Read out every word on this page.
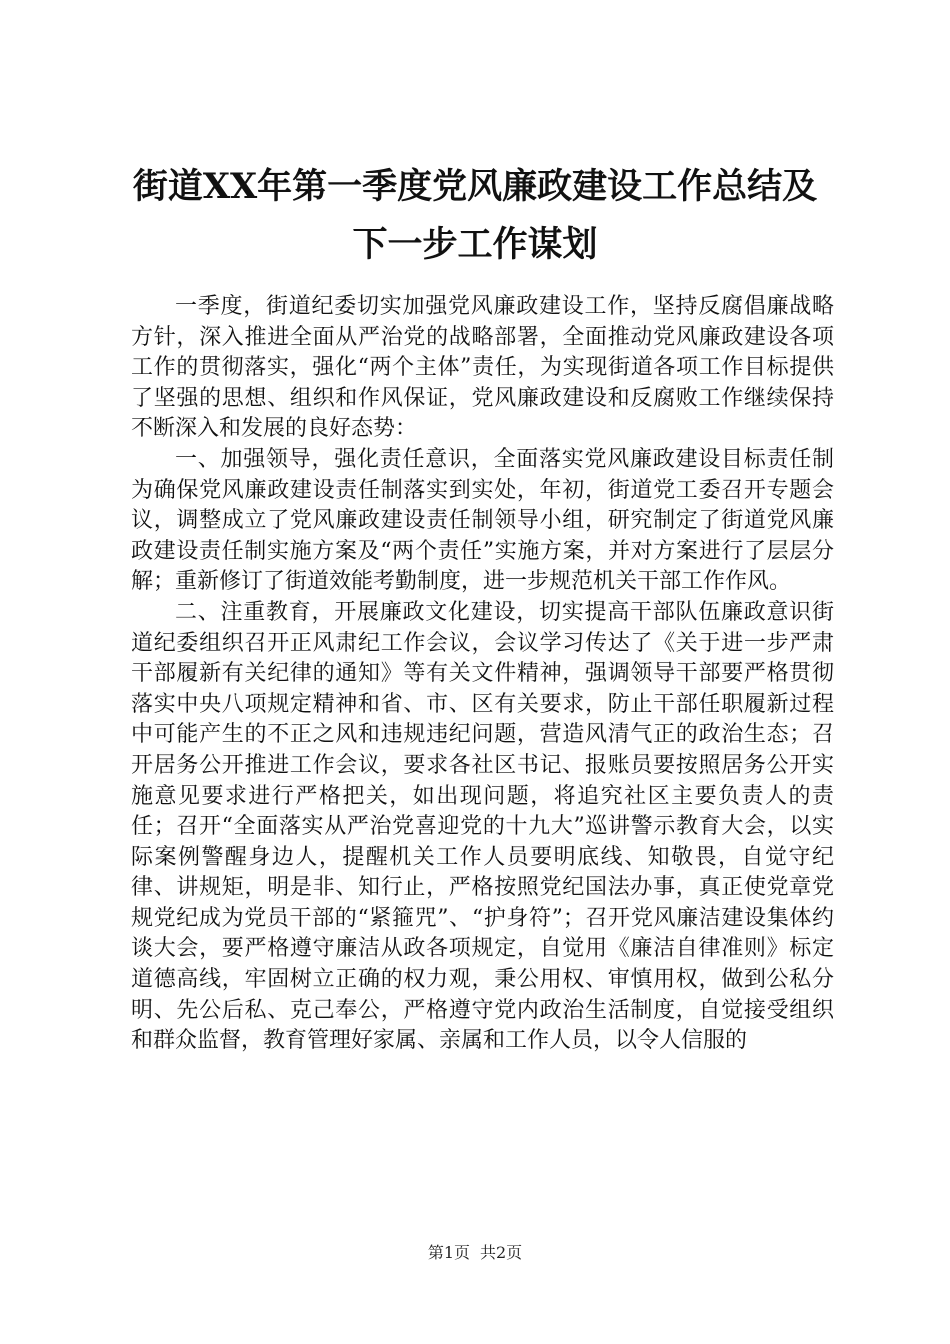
街道XX年第一季度党风廉政建设工作总结及
下一步工作谋划

一季度，街道纪委切实加强党风廉政建设工作，坚持反腐倡廉战略方针，深入推进全面从严治党的战略部署，全面推动党风廉政建设各项工作的贯彻落实，强化“两个主体”责任，为实现街道各项工作目标提供了坚强的思想、组织和作风保证，党风廉政建设和反腐败工作继续保持不断深入和发展的良好态势：

一、加强领导，强化责任意识，全面落实党风廉政建设目标责任制为确保党风廉政建设责任制落实到实处，年初，街道党工委召开专题会议，调整成立了党风廉政建设责任制领导小组，研究制定了街道党风廉政建设责任制实施方案及“两个责任”实施方案，并对方案进行了层层分解；重新修订了街道效能考勤制度，进一步规范机关干部工作作风。

二、注重教育，开展廉政文化建设，切实提高干部队伍廉政意识街道纪委组织召开正风肃纪工作会议，会议学习传达了《关于进一步严肃干部履新有关纪律的通知》等有关文件精神，强调领导干部要严格贯彻落实中央八项规定精神和省、市、区有关要求，防止干部任职履新过程中可能产生的不正之风和违规违纪问题，营造风清气正的政治生态；召开居务公开推进工作会议，要求各社区书记、报账员要按照居务公开实施意见要求进行严格把关，如出现问题，将追究社区主要负责人的责任；召开“全面落实从严治党喜迎党的十九大”巡讲警示教育大会，以实际案例警醒身边人，提醒机关工作人员要明底线、知敬畏，自觉守纪律、讲规矩，明是非、知行止，严格按照党纪国法办事，真正使党章党规党纪成为党员干部的“紧箍咒”、“护身符”；召开党风廉洁建设集体约谈大会，要严格遵守廉洁从政各项规定，自觉用《廉洁自律准则》标定道德高线，牢固树立正确的权力观，秉公用权、审慎用权，做到公私分明、先公后私、克己奉公，严格遵守党内政治生活制度，自觉接受组织和群众监督，教育管理好家属、亲属和工作人员，以令人信服的

第1页 共2页
